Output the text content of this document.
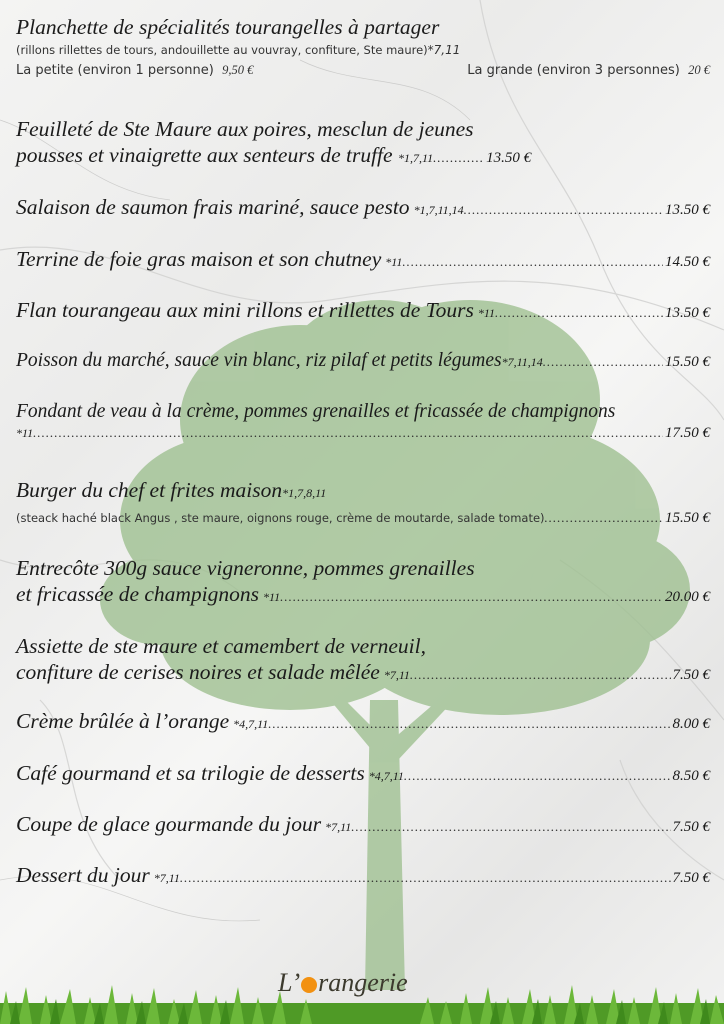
Planchette de spécialités tourangelles à partager
(rillons rillettes de tours, andouillette au vouvray, confiture, Ste maure)*7,11
La petite (environ 1 personne) 9,50 €	La grande (environ 3 personnes) 20 €
Feuilleté de Ste Maure aux poires, mesclun de jeunes
pousses et vinaigrette aux senteurs de truffe *1,7,11............ 13.50 €
Salaison de saumon frais mariné, sauce pesto
*1,7,11,14 .....	13.50 €
Terrine de foie gras maison et son chutney
*11 .....	14.50 €
Flan tourangeau aux mini rillons et rillettes de Tours
*11 .....	13.50 €
Poisson du marché, sauce vin blanc, riz pilaf et petits légumes *7,11,14 .....	15.50 €
Fondant de veau à la crème, pommes grenailles et fricassée de champignons
*11 .....	17.50 €
Burger du chef et frites maison*1,7,8,11
(steack haché black Angus , ste maure, oignons rouge, crème de moutarde, salade tomate) .....	15.50 €
Entrecôte 300g sauce vigneronne, pommes grenailles
et fricassée de champignons
*11 .....	20.00 €
Assiette de ste maure et camembert de verneuil,
confiture de cerises noires et salade mêlée
*7,11 .....	7.50 €
Crème brûlée à l’orange
*4,7,11 .....	8.00 €
Café gourmand et sa trilogie de desserts
*4,7,11 .....	8.50 €
Coupe de glace gourmande du jour
*7,11 .....	7.50 €
Dessert du jour
*7,11 .....	7.50 €
L’ rangerie
